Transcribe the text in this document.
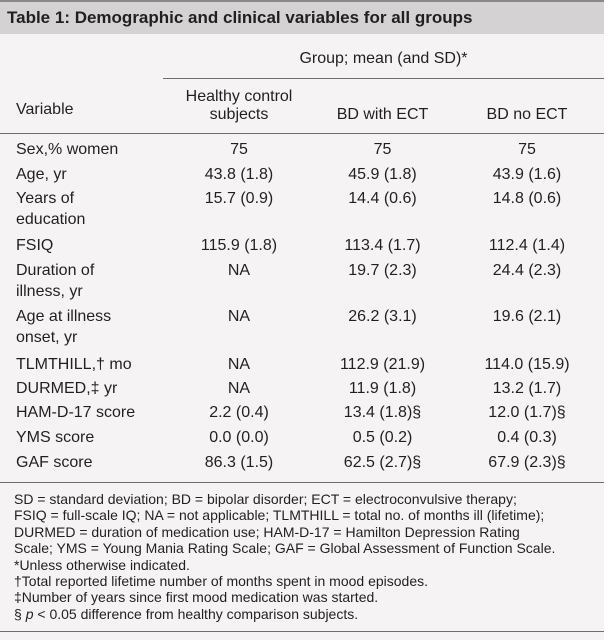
Table 1: Demographic and clinical variables for all groups
Group; mean (and SD)*
Variable
Healthy control
subjects	BD with ECT	BD no ECT
Sex,% women	75	75	75
Age, yr	43.8 (1.8)	45.9 (1.8)	43.9 (1.6)
Years of
education
15.7 (0.9)	14.4 (0.6)	14.8 (0.6)
FSIQ	115.9 (1.8)	113.4 (1.7)	112.4 (1.4)
Duration of
illness, yr
NA	19.7 (2.3)	24.4 (2.3)
Age at illness
onset, yr
NA	26.2 (3.1)	19.6 (2.1)
TLMTHILL,† mo	NA	112.9 (21.9)	114.0 (15.9)
DURMED,‡ yr	NA	11.9 (1.8)	13.2 (1.7)
HAM-D-17 score	2.2 (0.4)	13.4 (1.8)§	12.0 (1.7)§
YMS score	0.0 (0.0)	0.5 (0.2)	0.4 (0.3)
GAF score	86.3 (1.5)	62.5 (2.7)§	67.9 (2.3)§
SD = standard deviation; BD = bipolar disorder; ECT = electroconvulsive therapy;
FSIQ = full-scale IQ; NA = not applicable; TLMTHILL = total no. of months ill (lifetime);
DURMED = duration of medication use; HAM-D-17 = Hamilton Depression Rating
Scale; YMS = Young Mania Rating Scale; GAF = Global Assessment of Function Scale.
*Unless otherwise indicated.
†Total reported lifetime number of months spent in mood episodes.
‡Number of years since first mood medication was started.
§ p < 0.05 difference from healthy comparison subjects.
